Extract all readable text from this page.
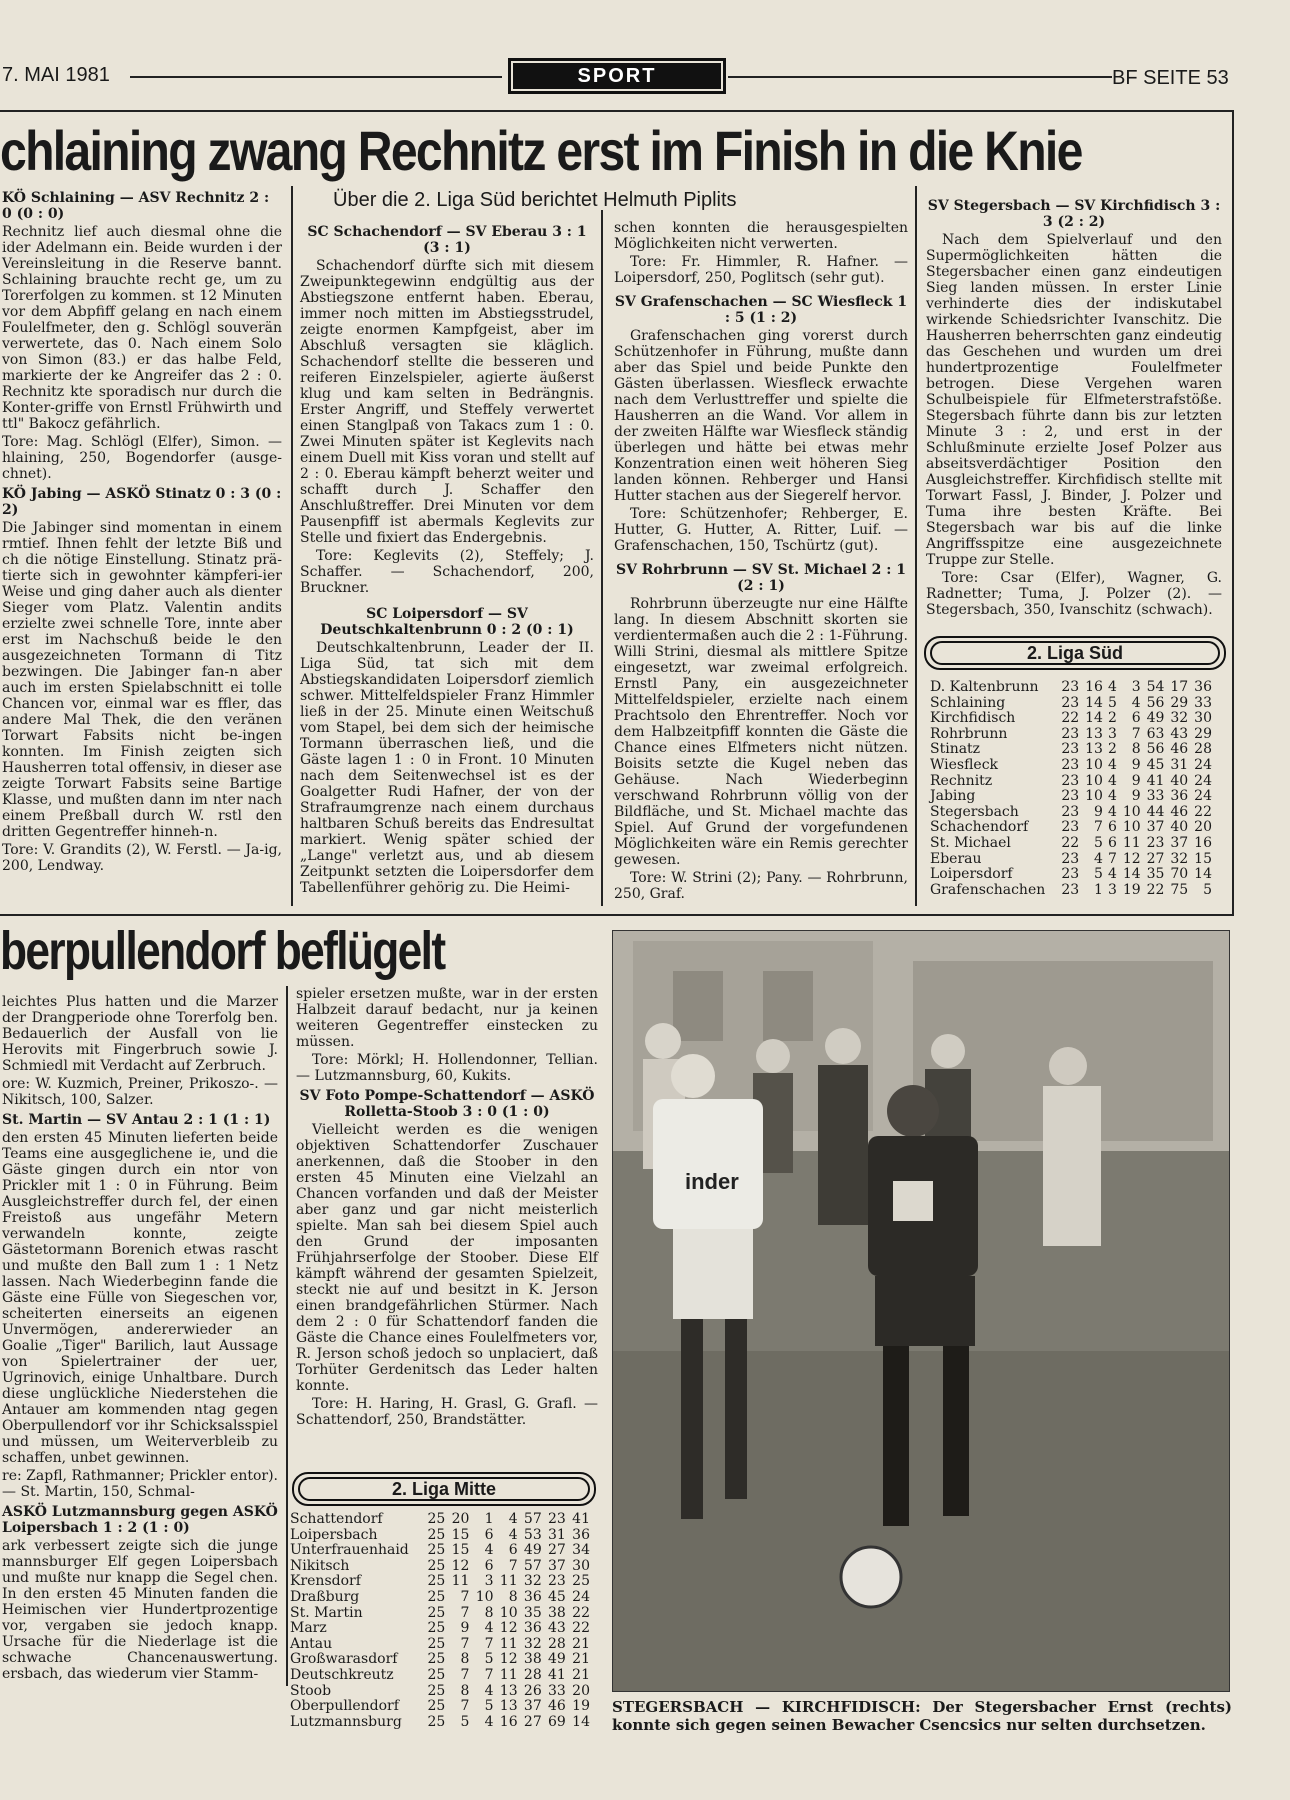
7. MAI 1981	SPORT	BF SEITE 53
chlaining zwang Rechnitz erst im Finish in die Knie
Über die 2. Liga Süd berichtet Helmuth Piplits
KÖ Schlaining — ASV Rechnitz 2 : 0 (0 : 0)

Rechnitz lief auch diesmal ohne die ider Adelmann ein. Beide wurden i der Vereinsleitung in die Reserve bannt. Schlaining brauchte recht ge, um zu Torerfolgen zu kommen. st 12 Minuten vor dem Abpfiff gelang en nach einem Foulelfmeter, den g. Schlögl souverän verwertete, das 0. Nach einem Solo von Simon (83.) er das halbe Feld, markierte der ke Angreifer das 2 : 0. Rechnitz kte sporadisch nur durch die Konter-griffe von Ernstl Frühwirth und ttl" Bakocz gefährlich.

Tore: Mag. Schlögl (Elfer), Simon. — hlaining, 250, Bogendorfer (ausge-chnet).

KÖ Jabing — ASKÖ Stinatz 0 : 3 (0 : 2)

Die Jabinger sind momentan in einem rmtief. Ihnen fehlt der letzte Biß und ch die nötige Einstellung. Stinatz prä-tierte sich in gewohnter kämpferi-ier Weise und ging daher auch als dienter Sieger vom Platz. Valentin andits erzielte zwei schnelle Tore, innte aber erst im Nachschuß beide le den ausgezeichneten Tormann di Titz bezwingen. Die Jabinger fan-n aber auch im ersten Spielabschnitt ei tolle Chancen vor, einmal war es ffler, das andere Mal Thek, die den veränen Torwart Fabsits nicht be-ingen konnten. Im Finish zeigten sich Hausherren total offensiv, in dieser ase zeigte Torwart Fabsits seine Bartige Klasse, und mußten dann im nter nach einem Preßball durch W. rstl den dritten Gegentreffer hinneh-n.

Tore: V. Grandits (2), W. Ferstl. — Ja-ig, 200, Lendway.

SC Schachendorf — SV Eberau 3 : 1 (3 : 1)

Schachendorf dürfte sich mit diesem Zweipunktegewinn endgültig aus der Abstiegszone entfernt haben. Eberau, immer noch mitten im Abstiegsstrudel, zeigte enormen Kampfgeist, aber im Abschluß versagten sie kläglich. Schachendorf stellte die besseren und reiferen Einzelspieler, agierte äußerst klug und kam selten in Bedrängnis. Erster Angriff, und Steffely verwertet einen Stanglpaß von Takacs zum 1 : 0. Zwei Minuten später ist Keglevits nach einem Duell mit Kiss voran und stellt auf 2 : 0. Eberau kämpft beherzt weiter und schafft durch J. Schaffer den Anschlußtreffer. Drei Minuten vor dem Pausenpfiff ist abermals Keglevits zur Stelle und fixiert das Endergebnis.

Tore: Keglevits (2), Steffely; J. Schaffer. — Schachendorf, 200, Bruckner.

SC Loipersdorf — SV Deutschkaltenbrunn 0 : 2 (0 : 1)

Deutschkaltenbrunn, Leader der II. Liga Süd, tat sich mit dem Abstiegskandidaten Loipersdorf ziemlich schwer. Mittelfeldspieler Franz Himmler ließ in der 25. Minute einen Weitschuß vom Stapel, bei dem sich der heimische Tormann überraschen ließ, und die Gäste lagen 1 : 0 in Front. 10 Minuten nach dem Seitenwechsel ist es der Goalgetter Rudi Hafner, der von der Strafraumgrenze nach einem durchaus haltbaren Schuß bereits das Endresultat markiert. Wenig später schied der „Lange" verletzt aus, und ab diesem Zeitpunkt setzten die Loipersdorfer dem Tabellenführer gehörig zu. Die Heimi-

schen konnten die herausgespielten Möglichkeiten nicht verwerten.

Tore: Fr. Himmler, R. Hafner. — Loipersdorf, 250, Poglitsch (sehr gut).

SV Grafenschachen — SC Wiesfleck 1 : 5 (1 : 2)

Grafenschachen ging vorerst durch Schützenhofer in Führung, mußte dann aber das Spiel und beide Punkte den Gästen überlassen. Wiesfleck erwachte nach dem Verlusttreffer und spielte die Hausherren an die Wand. Vor allem in der zweiten Hälfte war Wiesfleck ständig überlegen und hätte bei etwas mehr Konzentration einen weit höheren Sieg landen können. Rehberger und Hansi Hutter stachen aus der Siegerelf hervor.

Tore: Schützenhofer; Rehberger, E. Hutter, G. Hutter, A. Ritter, Luif. — Grafenschachen, 150, Tschürtz (gut).

SV Rohrbrunn — SV St. Michael 2 : 1 (2 : 1)

Rohrbrunn überzeugte nur eine Hälfte lang. In diesem Abschnitt skorten sie verdientermaßen auch die 2 : 1-Führung. Willi Strini, diesmal als mittlere Spitze eingesetzt, war zweimal erfolgreich. Ernstl Pany, ein ausgezeichneter Mittelfeldspieler, erzielte nach einem Prachtsolo den Ehrentreffer. Noch vor dem Halbzeitpfiff konnten die Gäste die Chance eines Elfmeters nicht nützen. Boisits setzte die Kugel neben das Gehäuse. Nach Wiederbeginn verschwand Rohrbrunn völlig von der Bildfläche, und St. Michael machte das Spiel. Auf Grund der vorgefundenen Möglichkeiten wäre ein Remis gerechter gewesen.

Tore: W. Strini (2); Pany. — Rohrbrunn, 250, Graf.

SV Stegersbach — SV Kirchfidisch 3 : 3 (2 : 2)

Nach dem Spielverlauf und den Supermöglichkeiten hätten die Stegersbacher einen ganz eindeutigen Sieg landen müssen. In erster Linie verhinderte dies der indiskutabel wirkende Schiedsrichter Ivanschitz. Die Hausherren beherrschten ganz eindeutig das Geschehen und wurden um drei hundertprozentige Foulelfmeter betrogen. Diese Vergehen waren Schulbeispiele für Elfmeterstrafstöße. Stegersbach führte dann bis zur letzten Minute 3 : 2, und erst in der Schlußminute erzielte Josef Polzer aus abseitsverdächtiger Position den Ausgleichstreffer. Kirchfidisch stellte mit Torwart Fassl, J. Binder, J. Polzer und Tuma ihre besten Kräfte. Bei Stegersbach war bis auf die linke Angriffsspitze eine ausgezeichnete Truppe zur Stelle.

Tore: Csar (Elfer), Wagner, G. Radnetter; Tuma, J. Polzer (2). — Stegersbach, 350, Ivanschitz (schwach).

2. Liga Süd
D. Kaltenbrunn	23	16	4	3	54	17	36
Schlaining	23	14	5	4	56	29	33
Kirchfidisch	22	14	2	6	49	32	30
Rohrbrunn	23	13	3	7	63	43	29
Stinatz	23	13	2	8	56	46	28
Wiesfleck	23	10	4	9	45	31	24
Rechnitz	23	10	4	9	41	40	24
Jabing	23	10	4	9	33	36	24
Stegersbach	23	9	4	10	44	46	22
Schachendorf	23	7	6	10	37	40	20
St. Michael	22	5	6	11	23	37	16
Eberau	23	4	7	12	27	32	15
Loipersdorf	23	5	4	14	35	70	14
Grafenschachen	23	1	3	19	22	75	5
berpullendorf beflügelt

leichtes Plus hatten und die Marzer der Drangperiode ohne Torerfolg ben. Bedauerlich der Ausfall von lie Herovits mit Fingerbruch sowie J. Schmiedl mit Verdacht auf Zerbruch.

ore: W. Kuzmich, Preiner, Prikoszo-. — Nikitsch, 100, Salzer.

St. Martin — SV Antau 2 : 1 (1 : 1)

den ersten 45 Minuten lieferten beide Teams eine ausgeglichene ie, und die Gäste gingen durch ein ntor von Prickler mit 1 : 0 in Führung. Beim Ausgleichstreffer durch fel, der einen Freistoß aus ungefähr Metern verwandeln konnte, zeigte Gästetormann Borenich etwas rascht und mußte den Ball zum 1 : 1 Netz lassen. Nach Wiederbeginn fande die Gäste eine Fülle von Siegeschen vor, scheiterten einerseits an eigenen Unvermögen, andererwieder an Goalie „Tiger" Barilich, laut Aussage von Spielertrainer der uer, Ugrinovich, einige Unhaltbare. Durch diese unglückliche Niederstehen die Antauer am kommenden ntag gegen Oberpullendorf vor ihr Schicksalsspiel und müssen, um Weiterverbleib zu schaffen, unbet gewinnen.

re: Zapfl, Rathmanner; Prickler entor). — St. Martin, 150, Schmal-

ASKÖ Lutzmannsburg gegen ASKÖ Loipersbach 1 : 2 (1 : 0)

ark verbessert zeigte sich die junge mannsburger Elf gegen Loipersbach und mußte nur knapp die Segel chen. In den ersten 45 Minuten fanden die Heimischen vier Hundertprozentige vor, vergaben sie jedoch knapp. Ursache für die Niederlage ist die schwache Chancenauswertung. ersbach, das wiederum vier Stamm-

spieler ersetzen mußte, war in der ersten Halbzeit darauf bedacht, nur ja keinen weiteren Gegentreffer einstecken zu müssen.

Tore: Mörkl; H. Hollendonner, Tellian. — Lutzmannsburg, 60, Kukits.

SV Foto Pompe-Schattendorf — ASKÖ Rolletta-Stoob 3 : 0 (1 : 0)

Vielleicht werden es die wenigen objektiven Schattendorfer Zuschauer anerkennen, daß die Stoober in den ersten 45 Minuten eine Vielzahl an Chancen vorfanden und daß der Meister aber ganz und gar nicht meisterlich spielte. Man sah bei diesem Spiel auch den Grund der imposanten Frühjahrserfolge der Stoober. Diese Elf kämpft während der gesamten Spielzeit, steckt nie auf und besitzt in K. Jerson einen brandgefährlichen Stürmer. Nach dem 2 : 0 für Schattendorf fanden die Gäste die Chance eines Foulelfmeters vor, R. Jerson schoß jedoch so unplaciert, daß Torhüter Gerdenitsch das Leder halten konnte.

Tore: H. Haring, H. Grasl, G. Grafl. — Schattendorf, 250, Brandstätter.

2. Liga Mitte
Schattendorf	25	20	1	4	57	23	41
Loipersbach	25	15	6	4	53	31	36
Unterfrauenhaid	25	15	4	6	49	27	34
Nikitsch	25	12	6	7	57	37	30
Krensdorf	25	11	3	11	32	23	25
Draßburg	25	7	10	8	36	45	24
St. Martin	25	7	8	10	35	38	22
Marz	25	9	4	12	36	43	22
Antau	25	7	7	11	32	28	21
Großwarasdorf	25	8	5	12	38	49	21
Deutschkreutz	25	7	7	11	28	41	21
Stoob	25	8	4	13	26	33	20
Oberpullendorf	25	7	5	13	37	46	19
Lutzmannsburg	25	5	4	16	27	69	14
inder
STEGERSBACH — KIRCHFIDISCH: Der Stegersbacher Ernst (rechts) konnte sich gegen seinen Bewacher Csencsics nur selten durchsetzen.
